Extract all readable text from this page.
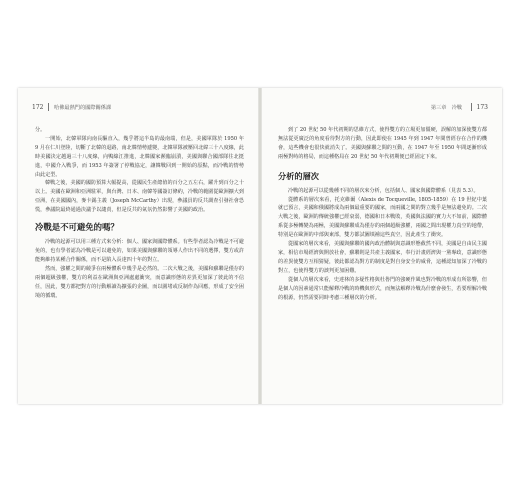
172 哈佛最熱門的國際關係課

分。

一開始，北韓軍隊向南長驅直入，幾乎將這半島的最南端，但是，美國軍隊於 1950 年 9 月在仁川登陸，切斷了北韓的退路，南北韓情勢遽變，北韓軍隊被壓回北緯三十八度線，此時美國決定越過三十八度線，向鴨綠江推進，北韓國家瀕臨崩潰，美國與聯合國部隊往北挺進，中國介入戰爭，而 1953 年簽署了停戰協定，讓韓戰回到一開始的原點，而冷戰的情勢由此定型。

韓戰之後，美國的國防預算大幅提高，從國民生產總值的百分之五左右，躍升到百分之十以上。美國在歐洲和亞洲駐軍，與台灣、日本、南韓等國簽訂條約，冷戰的範圍從歐洲擴大到亞洲，在美國國內，麥卡錫主義（Joseph McCarthy）出現，參議員的反共調查引發社會恐慌，參議院最終通過決議予以譴責，但是反共的氣氛仍然影響了美國的政治。

冷戰是不可避免的嗎？

冷戰的起源可以用三種方式來分析：個人、國家與國際體系。有些學者認為冷戰是不可避免的，也有學者認為冷戰是可以避免的，如果美國與蘇聯的領導人作出不同的選擇，雙方或許能夠維持某種合作關係，而不是陷入長達四十年的對立。

然而，強權之間的競爭在兩極體系中幾乎是必然的。二次大戰之後，美國和蘇聯是僅存的兩個超級強權，雙方的利益在歐洲與亞洲處處衝突，而意識形態的差異更加深了彼此的不信任，因此，雙方都把對方的行動解讀為擴張的企圖，而以圍堵或反制作為回應，形成了安全困境的循環。

第三章　冷戰 173

到了 20 世紀 50 年代初期的思維方式，使得雙方的立場更加僵硬，誤解的加深使雙方都無法從更廣泛的角度看待對方的行動，因此即使在 1945 年到 1947 年間曾經存在合作的機會，這些機會也很快就消失了。美國與蘇聯之間的互動，在 1947 年至 1950 年間逐漸形成兩極對峙的格局，而這種格局在 20 世紀 50 年代初期便已經固定下來。

分析的層次

冷戰的起源可以從幾種不同的層次來分析，包括個人、國家與國際體系（見表 5.3）。

從體系的層次來看，托克維爾（Alexis de Tocqueville, 1805-1859）在 19 世紀中葉就已預言，美國和俄國將成為兩個最重要的國家，而兩國之間的對立幾乎是無法避免的。二次大戰之後，歐洲的傳統強權已經衰弱，德國和日本戰敗，英國與法國的實力大不如前，國際體系從多極轉變為兩極，美國與蘇聯成為僅存的兩個超級強權，兩國之間出現權力真空的地帶，特別是在歐洲的中部與東部，雙方都試圖填補這些真空，因此產生了衝突。

從國家的層次來看，美國與蘇聯的國內政治體制與意識形態截然不同，美國是自由民主國家，相信市場經濟與開放社會，蘇聯則是共產主義國家，奉行計畫經濟與一黨專政，意識形態的差異使雙方互相猜疑，彼此都認為對方的制度是對自身安全的威脅，這種認知加深了冷戰的對立，也使得雙方的談判更加困難。

從個人的層次來看，史達林的多疑性格與杜魯門的強硬作風也對冷戰的形成有所影響，但是個人的因素通常只能解釋冷戰的時機與形式，而無法解釋冷戰為什麼會發生，若要理解冷戰的根源，仍然需要同時考慮三種層次的分析。
